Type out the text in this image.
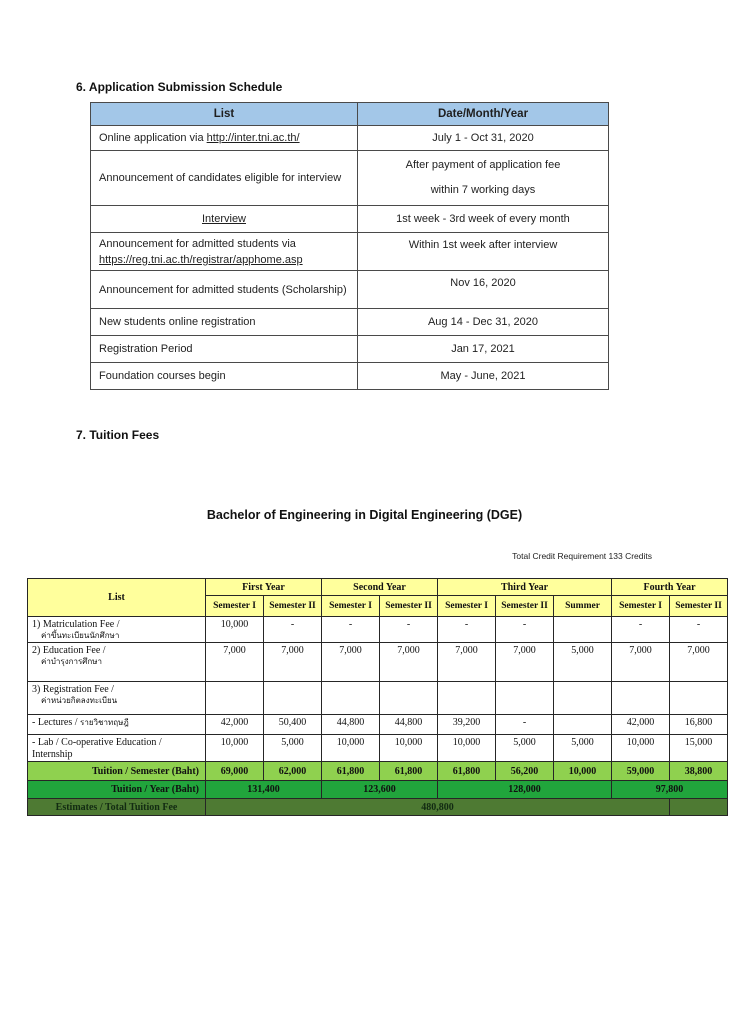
6. Application Submission Schedule
List	Date/Month/Year
Online application via http://inter.tni.ac.th/	July 1 - Oct 31, 2020
Announcement of candidates eligible for interview	After payment of application fee
within 7 working days

Interview	1st week - 3rd week of every month

Announcement for admitted students via
https://reg.tni.ac.th/registrar/apphome.asp	Within 1st week after interview
Announcement for admitted students (Scholarship)	Nov 16, 2020
New students online registration	Aug 14 - Dec 31, 2020
Registration Period	Jan 17, 2021
Foundation courses begin	May - June, 2021
7. Tuition Fees
Bachelor of Engineering in Digital Engineering (DGE)
Total Credit Requirement 133 Credits
List	First Year		Second Year		Third Year			Fourth Year	
	Semester I	Semester II	Semester I	Semester II	Semester I	Semester II	Summer	Semester I	Semester II
1) Matriculation Fee /
ค่าขึ้นทะเบียนนักศึกษา	10,000	-	-	-	-	-		-	-
2) Education Fee /
ค่าบำรุงการศึกษา	7,000	7,000	7,000	7,000	7,000	7,000	5,000	7,000	7,000
3) Registration Fee /
ค่าหน่วยกิตลงทะเบียน									

- Lectures / รายวิชาทฤษฎี	42,000	50,400	44,800	44,800	39,200	-		42,000	16,800
- Lab / Co-operative Education / Internship	10,000	5,000	10,000	10,000	10,000	5,000	5,000	10,000	15,000
Tuition / Semester (Baht)	69,000	62,000	61,800	61,800	61,800	56,200	10,000	59,000	38,800
Tuition / Year (Baht)	131,400		123,600		128,000			97,800	
Estimates / Total Tuition Fee	480,800								
